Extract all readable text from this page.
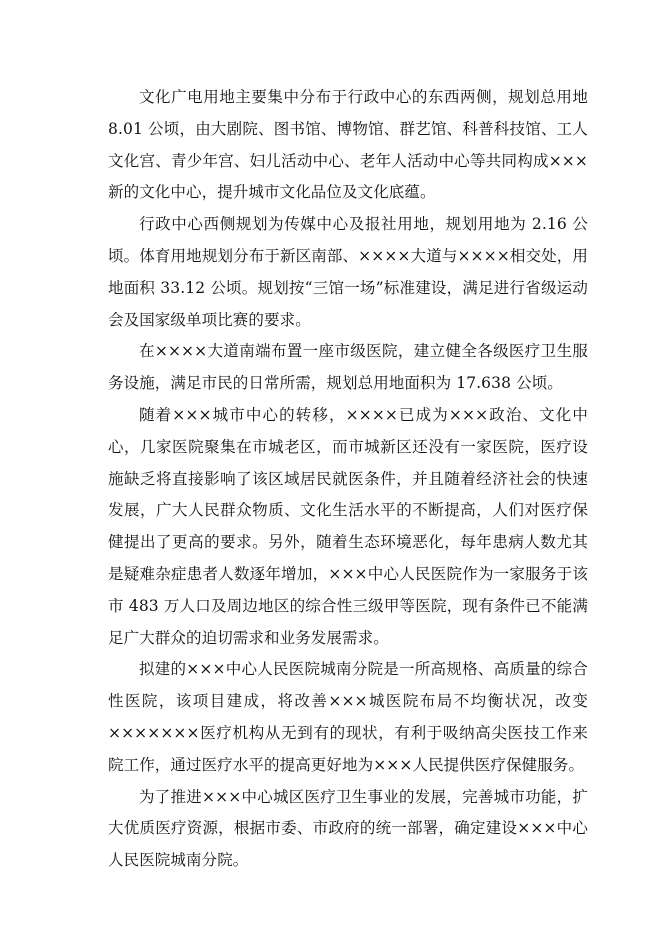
文化广电用地主要集中分布于行政中心的东西两侧，规划总用地 8.01 公顷，由大剧院、图书馆、博物馆、群艺馆、科普科技馆、工人文化宫、青少年宫、妇儿活动中心、老年人活动中心等共同构成×××新的文化中心，提升城市文化品位及文化底蕴。

行政中心西侧规划为传媒中心及报社用地，规划用地为 2.16 公顷。体育用地规划分布于新区南部、××××大道与××××相交处，用地面积 33.12 公顷。规划按“三馆一场”标准建设，满足进行省级运动会及国家级单项比赛的要求。

在××××大道南端布置一座市级医院，建立健全各级医疗卫生服务设施，满足市民的日常所需，规划总用地面积为 17.638 公顷。

随着×××城市中心的转移，××××已成为×××政治、文化中心，几家医院聚集在市城老区，而市城新区还没有一家医院，医疗设施缺乏将直接影响了该区域居民就医条件，并且随着经济社会的快速发展，广大人民群众物质、文化生活水平的不断提高，人们对医疗保健提出了更高的要求。另外，随着生态环境恶化，每年患病人数尤其是疑难杂症患者人数逐年增加，×××中心人民医院作为一家服务于该市 483 万人口及周边地区的综合性三级甲等医院，现有条件已不能满足广大群众的迫切需求和业务发展需求。

拟建的×××中心人民医院城南分院是一所高规格、高质量的综合性医院，该项目建成，将改善×××城医院布局不均衡状况，改变×××××××医疗机构从无到有的现状，有利于吸纳高尖医技工作来院工作，通过医疗水平的提高更好地为×××人民提供医疗保健服务。

为了推进×××中心城区医疗卫生事业的发展，完善城市功能，扩大优质医疗资源，根据市委、市政府的统一部署，确定建设×××中心人民医院城南分院。
